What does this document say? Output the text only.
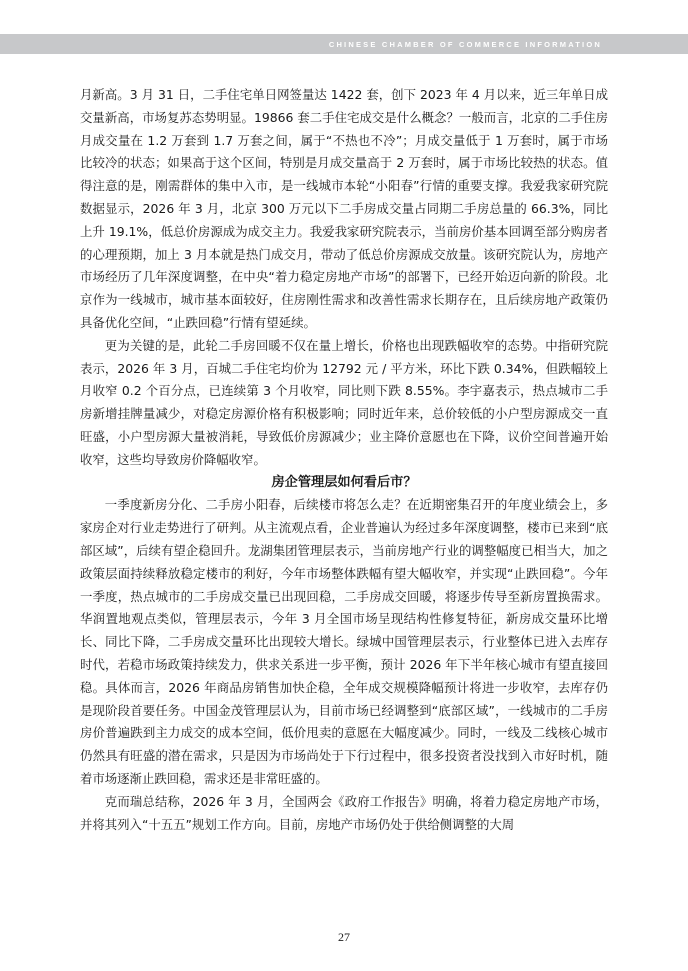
CHINESE CHAMBER OF COMMERCE INFORMATION

月新高。3 月 31 日，二手住宅单日网签量达 1422 套，创下 2023 年 4 月以来，近三年单日成交量新高，市场复苏态势明显。19866 套二手住宅成交是什么概念？一般而言，北京的二手住房月成交量在 1.2 万套到 1.7 万套之间，属于“不热也不冷”；月成交量低于 1 万套时，属于市场比较冷的状态；如果高于这个区间，特别是月成交量高于 2 万套时，属于市场比较热的状态。值得注意的是，刚需群体的集中入市，是一线城市本轮“小阳春”行情的重要支撑。我爱我家研究院数据显示，2026 年 3 月，北京 300 万元以下二手房成交量占同期二手房总量的 66.3%，同比上升 19.1%，低总价房源成为成交主力。我爱我家研究院表示，当前房价基本回调至部分购房者的心理预期，加上 3 月本就是热门成交月，带动了低总价房源成交放量。该研究院认为，房地产市场经历了几年深度调整，在中央“着力稳定房地产市场”的部署下，已经开始迈向新的阶段。北京作为一线城市，城市基本面较好，住房刚性需求和改善性需求长期存在，且后续房地产政策仍具备优化空间，“止跌回稳”行情有望延续。

更为关键的是，此轮二手房回暖不仅在量上增长，价格也出现跌幅收窄的态势。中指研究院表示，2026 年 3 月，百城二手住宅均价为 12792 元 / 平方米，环比下跌 0.34%，但跌幅较上月收窄 0.2 个百分点，已连续第 3 个月收窄，同比则下跌 8.55%。李宇嘉表示，热点城市二手房新增挂牌量减少，对稳定房源价格有积极影响；同时近年来，总价较低的小户型房源成交一直旺盛，小户型房源大量被消耗，导致低价房源减少；业主降价意愿也在下降，议价空间普遍开始收窄，这些均导致房价降幅收窄。

房企管理层如何看后市？

一季度新房分化、二手房小阳春，后续楼市将怎么走？在近期密集召开的年度业绩会上，多家房企对行业走势进行了研判。从主流观点看，企业普遍认为经过多年深度调整，楼市已来到“底部区域”，后续有望企稳回升。龙湖集团管理层表示，当前房地产行业的调整幅度已相当大，加之政策层面持续释放稳定楼市的利好，今年市场整体跌幅有望大幅收窄，并实现“止跌回稳”。今年一季度，热点城市的二手房成交量已出现回稳，二手房成交回暖，将逐步传导至新房置换需求。华润置地观点类似，管理层表示，今年 3 月全国市场呈现结构性修复特征，新房成交量环比增长、同比下降，二手房成交量环比出现较大增长。绿城中国管理层表示，行业整体已进入去库存时代，若稳市场政策持续发力，供求关系进一步平衡，预计 2026 年下半年核心城市有望直接回稳。具体而言，2026 年商品房销售加快企稳，全年成交规模降幅预计将进一步收窄，去库存仍是现阶段首要任务。中国金茂管理层认为，目前市场已经调整到“底部区域”，一线城市的二手房房价普遍跌到主力成交的成本空间，低价甩卖的意愿在大幅度减少。同时，一线及二线核心城市仍然具有旺盛的潜在需求，只是因为市场尚处于下行过程中，很多投资者没找到入市好时机，随着市场逐渐止跌回稳，需求还是非常旺盛的。

克而瑞总结称，2026 年 3 月，全国两会《政府工作报告》明确，将着力稳定房地产市场，并将其列入“十五五”规划工作方向。目前，房地产市场仍处于供给侧调整的大周

27
